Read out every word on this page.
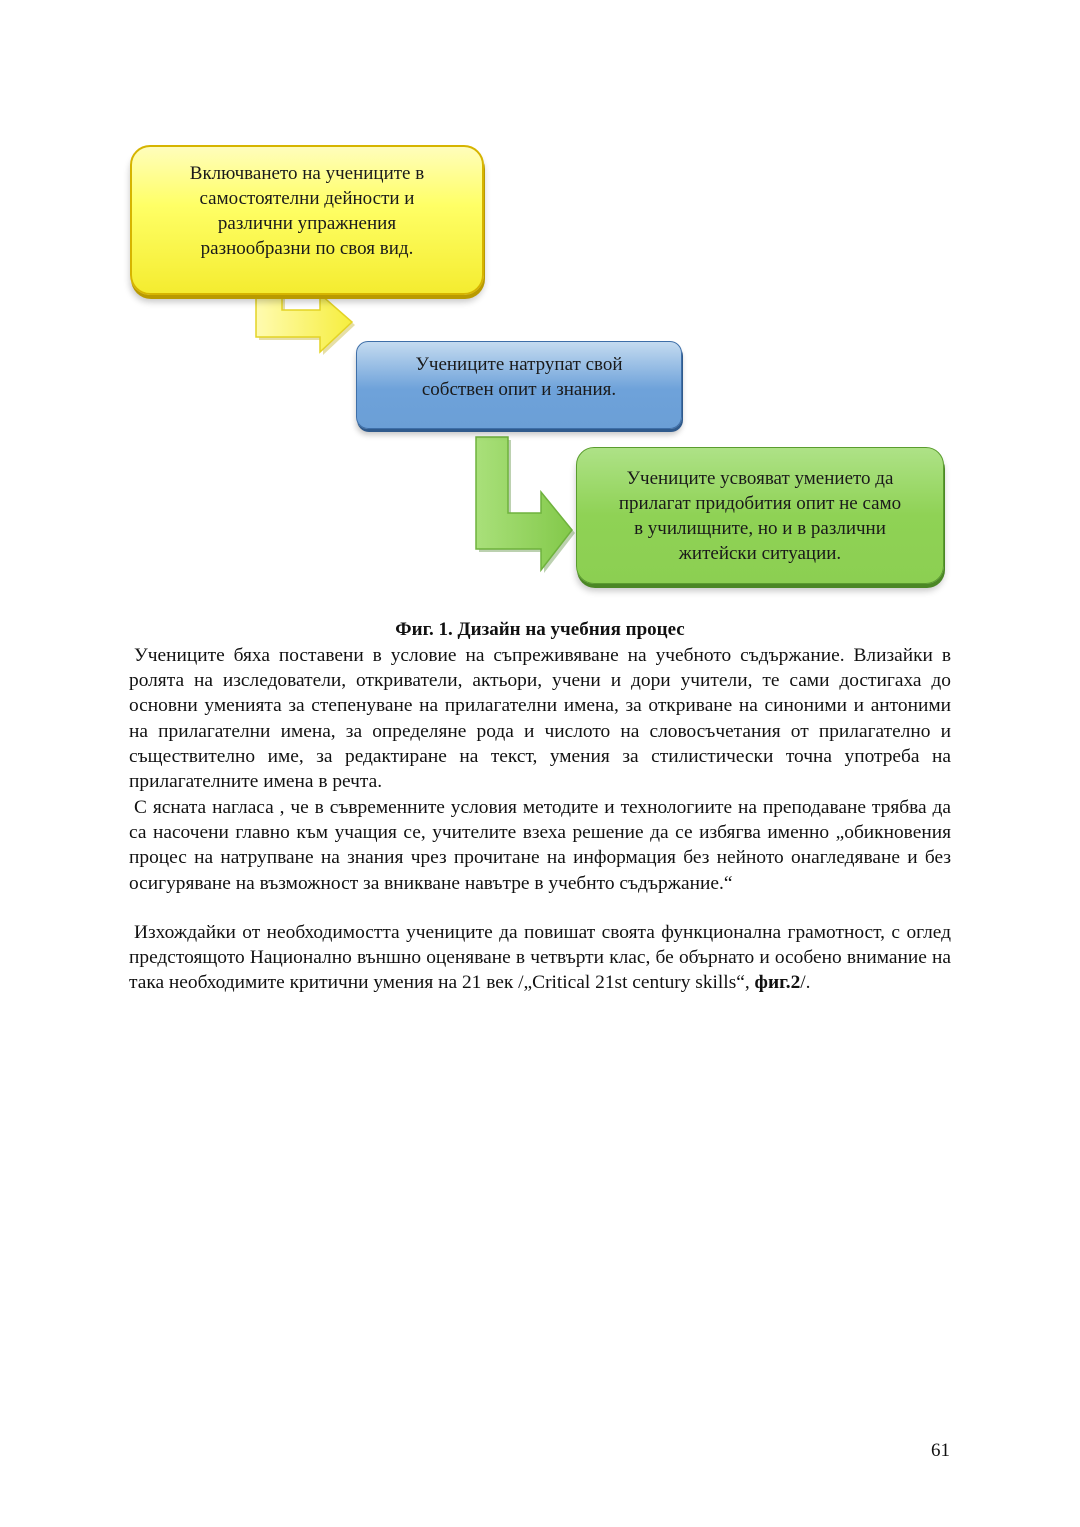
Включването на учениците в
самостоятелни дейности и
различни упражнения
разнообразни по своя вид.
Учениците натрупат свой
собствен опит и знания.
Учениците усвояват умението да
прилагат придобития опит не само
в училищните, но и в различни
житейски ситуации.
Фиг. 1. Дизайн на учебния процес

Учениците бяха поставени в условие на съпреживяване на учебното съдържание. Влизайки в ролята на изследователи, откриватели, актьори, учени и дори учители, те сами достигаха до основни уменията за степенуване на прилагателни имена, за откриване на синоними и антоними на прилагателни имена, за определяне рода и числото на словосъчетания от прилагателно и съществително име, за редактиране на текст, умения за стилистически точна употреба на прилагателните имена в речта.

С ясната нагласа , че в съвременните условия методите и технологиите на преподаване трябва да са насочени главно към учащия се, учителите взеха решение да се избягва именно „обикновения процес на натрупване на знания чрез прочитане на информация без нейното онагледяване и без осигуряване на възможност за вникване навътре в учебнто съдържание.“

Изхождайки от необходимостта учениците да повишат своята функционална грамотност, с оглед предстоящото Национално външно оценяване в четвърти клас, бе обърнато и особено внимание на така необходимите критични умения на 21 век /„Critical 21st century skills“, фиг.2/.

61
